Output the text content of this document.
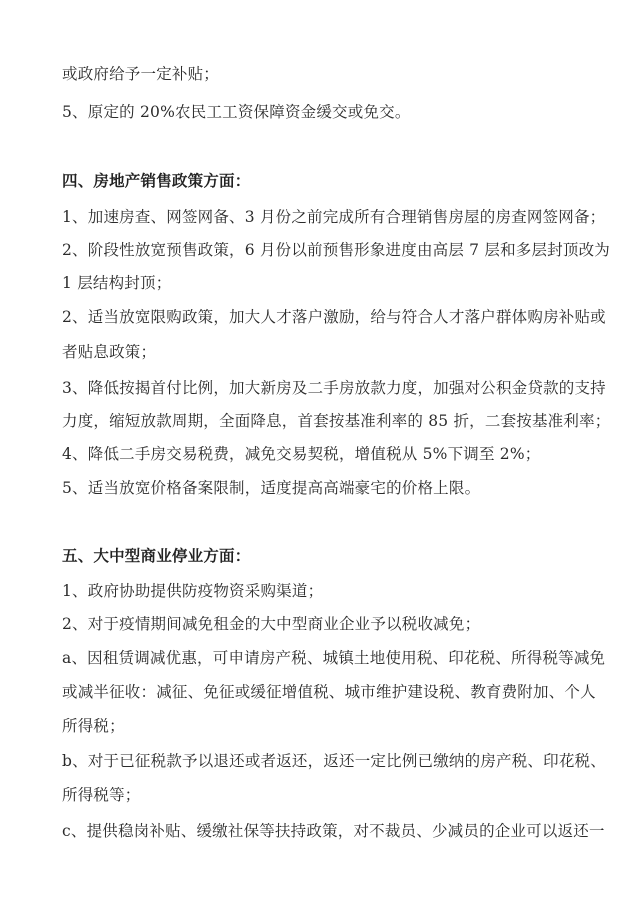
或政府给予一定补贴；
5、原定的 20%农民工工资保障资金缓交或免交。
四、房地产销售政策方面：
1、加速房查、网签网备、3 月份之前完成所有合理销售房屋的房查网签网备；
2、阶段性放宽预售政策，6 月份以前预售形象进度由高层 7 层和多层封顶改为
1 层结构封顶；
2、适当放宽限购政策，加大人才落户激励，给与符合人才落户群体购房补贴或
者贴息政策；
3、降低按揭首付比例，加大新房及二手房放款力度，加强对公积金贷款的支持
力度，缩短放款周期，全面降息，首套按基准利率的 85 折，二套按基准利率；
4、降低二手房交易税费，减免交易契税，增值税从 5%下调至 2%；
5、适当放宽价格备案限制，适度提高高端豪宅的价格上限。
五、大中型商业停业方面：
1、政府协助提供防疫物资采购渠道；
2、对于疫情期间减免租金的大中型商业企业予以税收减免；
a、因租赁调减优惠，可申请房产税、城镇土地使用税、印花税、所得税等减免
或减半征收：减征、免征或缓征增值税、城市维护建设税、教育费附加、个人
所得税；
b、对于已征税款予以退还或者返还，返还一定比例已缴纳的房产税、印花税、
所得税等；
c、提供稳岗补贴、缓缴社保等扶持政策，对不裁员、少减员的企业可以返还一
